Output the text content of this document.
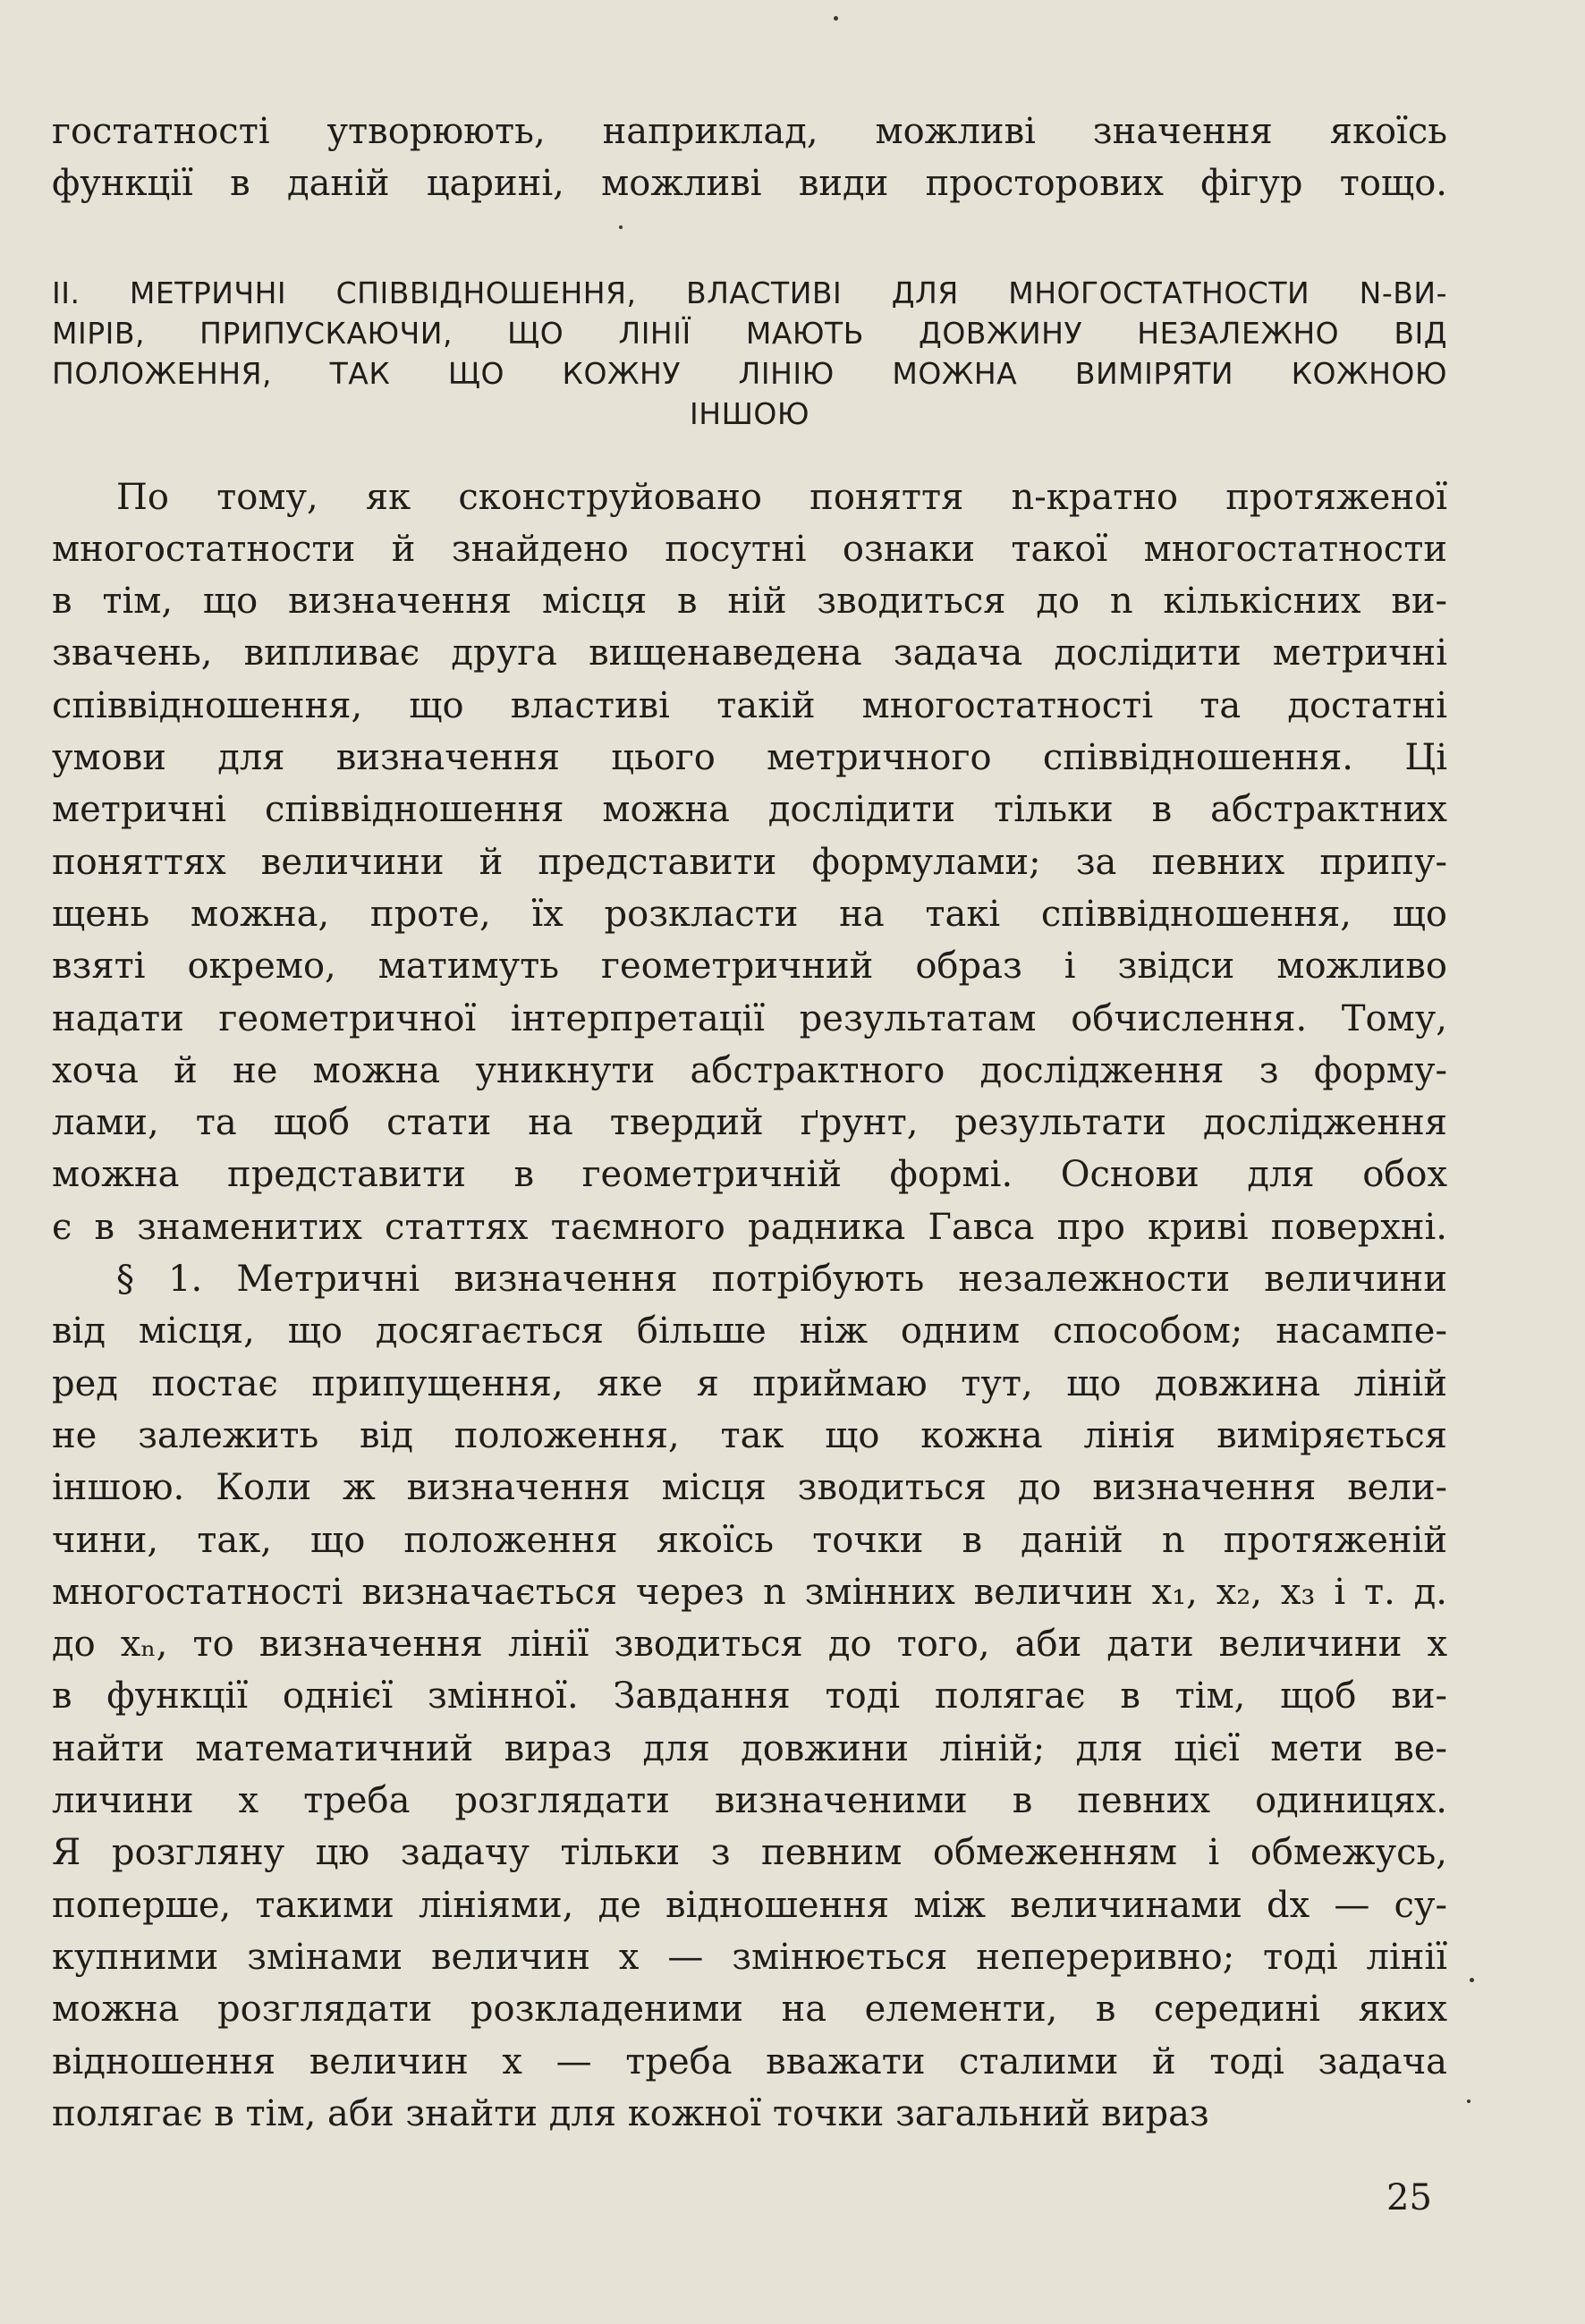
гостатності утворюють, наприклад, можливі значення якоїсь
функції в даній царині, можливі види просторових фігур тощо.
II. МЕТРИЧНІ СПІВВІДНОШЕННЯ, ВЛАСТИВІ ДЛЯ МНОГОСТАТНОСТИ N-ВИ-
МІРІВ, ПРИПУСКАЮЧИ, ЩО ЛІНІЇ МАЮТЬ ДОВЖИНУ НЕЗАЛЕЖНО ВІД
ПОЛОЖЕННЯ, ТАК ЩО КОЖНУ ЛІНІЮ МОЖНА ВИМІРЯТИ КОЖНОЮ
ІНШОЮ
По тому, як сконструйовано поняття n-кратно протяженої
многостатности й знайдено посутні ознаки такої многостатности
в тім, що визначення місця в ній зводиться до n кількісних ви-
звачень, випливає друга вищенаведена задача дослідити метричні
співвідношення, що властиві такій многостатності та достатні
умови для визначення цього метричного співвідношення. Ці
метричні співвідношення можна дослідити тільки в абстрактних
поняттях величини й представити формулами; за певних припу-
щень можна, проте, їх розкласти на такі співвідношення, що
взяті окремо, матимуть геометричний образ і звідси можливо
надати геометричної інтерпретації результатам обчислення. Тому,
хоча й не можна уникнути абстрактного дослідження з форму-
лами, та щоб стати на твердий ґрунт, результати дослідження
можна представити в геометричній формі. Основи для обох
є в знаменитих статтях таємного радника Гавса про криві поверхні.
§ 1. Метричні визначення потрібують незалежности величини
від місця, що досягається більше ніж одним способом; насампе-
ред постає припущення, яке я приймаю тут, що довжина ліній
не залежить від положення, так що кожна лінія виміряється
іншою. Коли ж визначення місця зводиться до визначення вели-
чини, так, що положення якоїсь точки в даній n протяженій
многостатності визначається через n змінних величин x₁, x₂, x₃ і т. д.
до xₙ, то визначення лінії зводиться до того, аби дати величини x
в функції однієї змінної. Завдання тоді полягає в тім, щоб ви-
найти математичний вираз для довжини ліній; для цієї мети ве-
личини x треба розглядати визначеними в певних одиницях.
Я розгляну цю задачу тільки з певним обмеженням і обмежусь,
поперше, такими лініями, де відношення між величинами dx — су-
купними змінами величин x — змінюється непереривно; тоді лінії
можна розглядати розкладеними на елементи, в середині яких
відношення величин x — треба вважати сталими й тоді задача
полягає в тім, аби знайти для кожної точки загальний вираз
25
